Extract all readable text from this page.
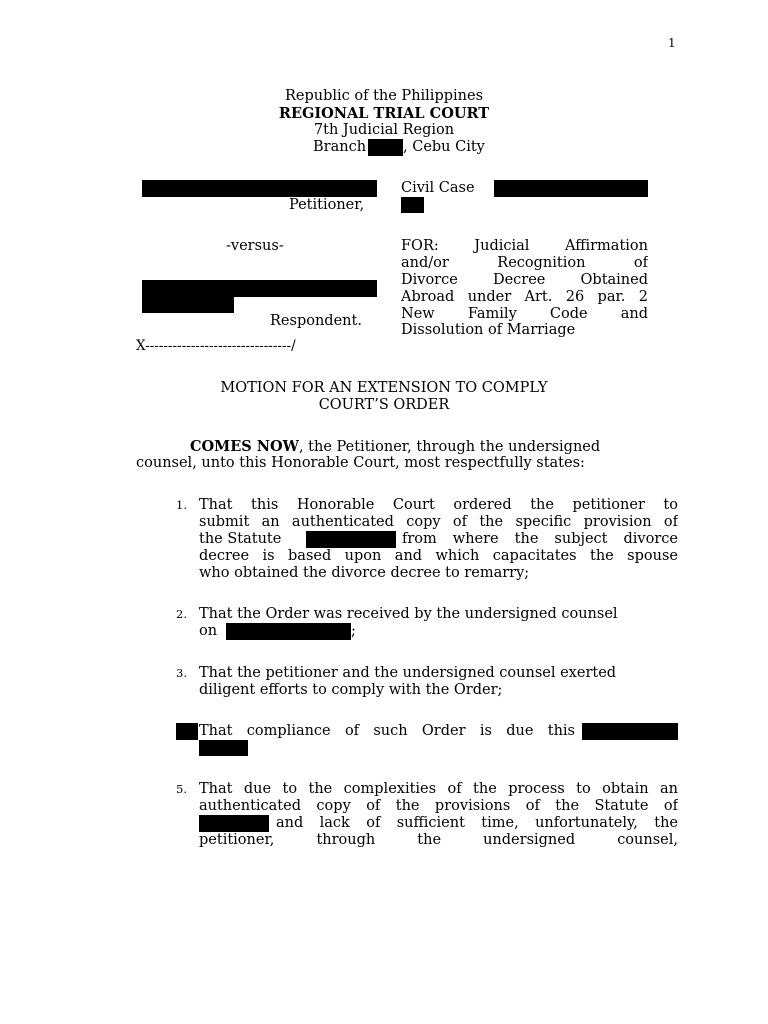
1
Republic of the Philippines
REGIONAL TRIAL COURT
7th Judicial Region
Branch	, Cebu City
Petitioner,
-versus-
Respondent.
X--------------------------------/
Civil Case
FOR: Judicial Affirmation
and/or Recognition of
Divorce Decree Obtained
Abroad under Art. 26 par. 2
New Family Code and
Dissolution of Marriage
MOTION FOR AN EXTENSION TO COMPLY
COURT’S ORDER
COMES NOW, the Petitioner, through the undersigned
counsel, unto this Honorable Court, most respectfully states:
1. That this Honorable Court ordered the petitioner to
submit an authenticated copy of the specific provision of
the Statute	from where the subject divorce
decree is based upon and which capacitates the spouse
who obtained the divorce decree to remarry;
2. That the Order was received by the undersigned counsel
on	;
3. That the petitioner and the undersigned counsel exerted
diligent efforts to comply with the Order;
That compliance of such Order is due this
5. That due to the complexities of the process to obtain an
authenticated copy of the provisions of the Statute of
and lack of sufficient time, unfortunately, the
petitioner, through the undersigned counsel,
